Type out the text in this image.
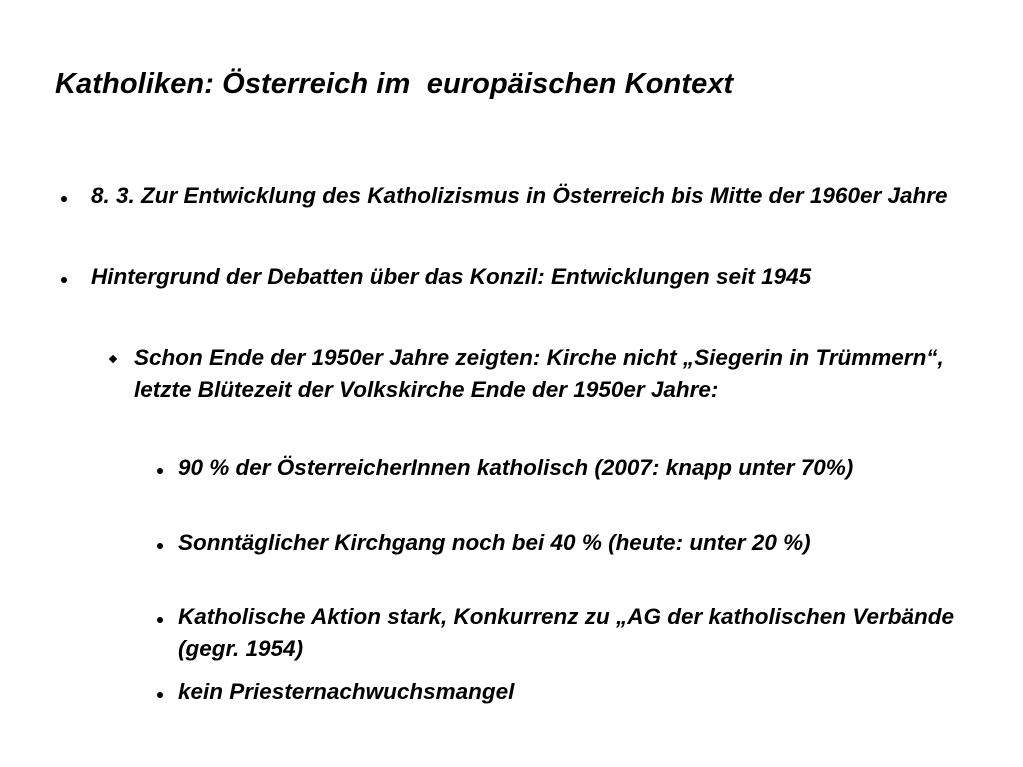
Katholiken: Österreich im  europäischen Kontext
8. 3. Zur Entwicklung des Katholizismus in Österreich bis Mitte der 1960er Jahre
Hintergrund der Debatten über das Konzil: Entwicklungen seit 1945
Schon Ende der 1950er Jahre zeigten: Kirche nicht „Siegerin in Trümmern“, letzte Blütezeit der Volkskirche Ende der 1950er Jahre:
90 % der ÖsterreicherInnen katholisch (2007: knapp unter 70%)
Sonntäglicher Kirchgang noch bei 40 % (heute: unter 20 %)
Katholische Aktion stark, Konkurrenz zu „AG der katholischen Verbände (gegr. 1954)
kein Priesternachwuchsmangel
